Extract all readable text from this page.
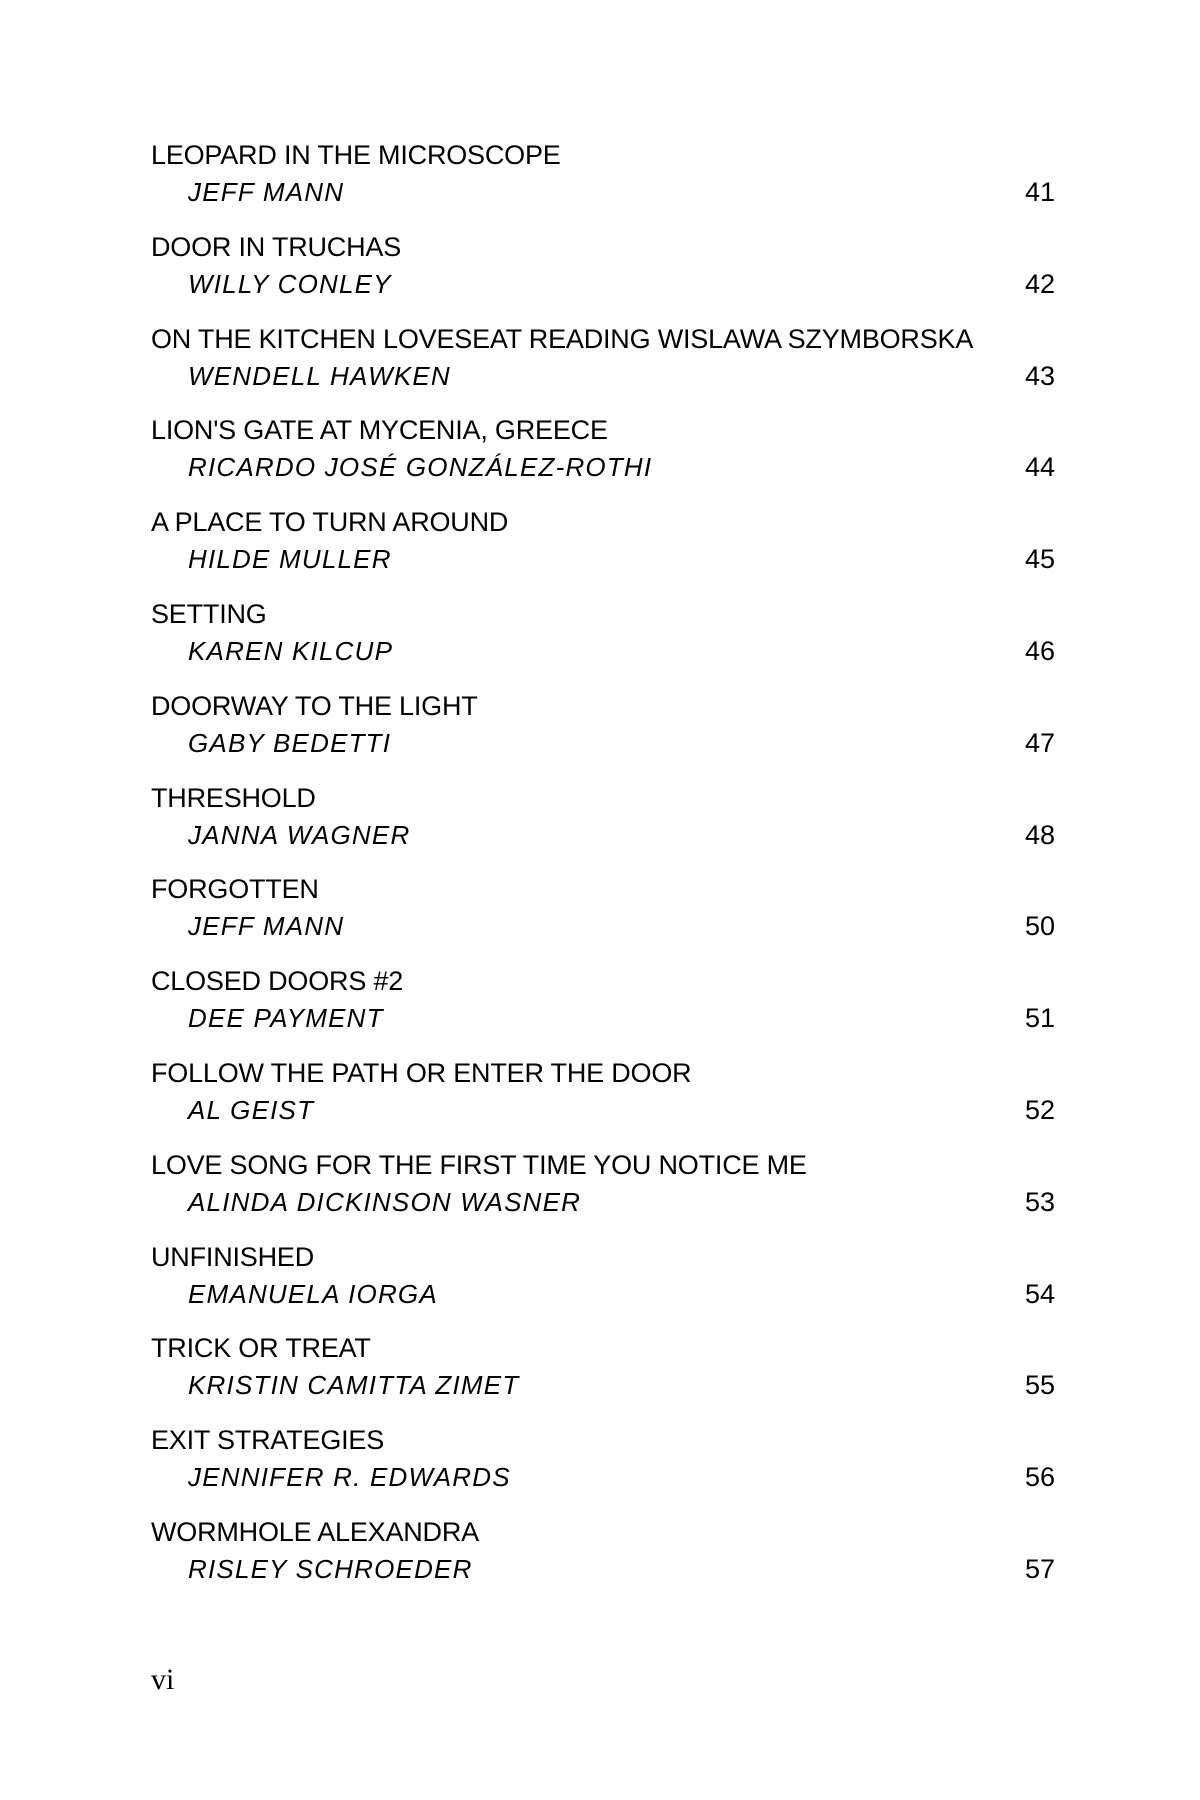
LEOPARD IN THE MICROSCOPE
JEFF MANN	41
DOOR IN TRUCHAS
WILLY CONLEY	42
ON THE KITCHEN LOVESEAT READING WISLAWA SZYMBORSKA
WENDELL HAWKEN	43
LION'S GATE AT MYCENIA, GREECE
RICARDO JOSÉ GONZÁLEZ-ROTHI	44
A PLACE TO TURN AROUND
HILDE MULLER	45
SETTING
KAREN KILCUP	46
DOORWAY TO THE LIGHT
GABY BEDETTI	47
THRESHOLD
JANNA WAGNER	48
FORGOTTEN
JEFF MANN	50
CLOSED DOORS #2
DEE PAYMENT	51
FOLLOW THE PATH OR ENTER THE DOOR
AL GEIST	52
LOVE SONG FOR THE FIRST TIME YOU NOTICE ME
ALINDA DICKINSON WASNER	53
UNFINISHED
EMANUELA IORGA	54
TRICK OR TREAT
KRISTIN CAMITTA ZIMET	55
EXIT STRATEGIES
JENNIFER R. EDWARDS	56
WORMHOLE ALEXANDRA
RISLEY SCHROEDER	57
vi
